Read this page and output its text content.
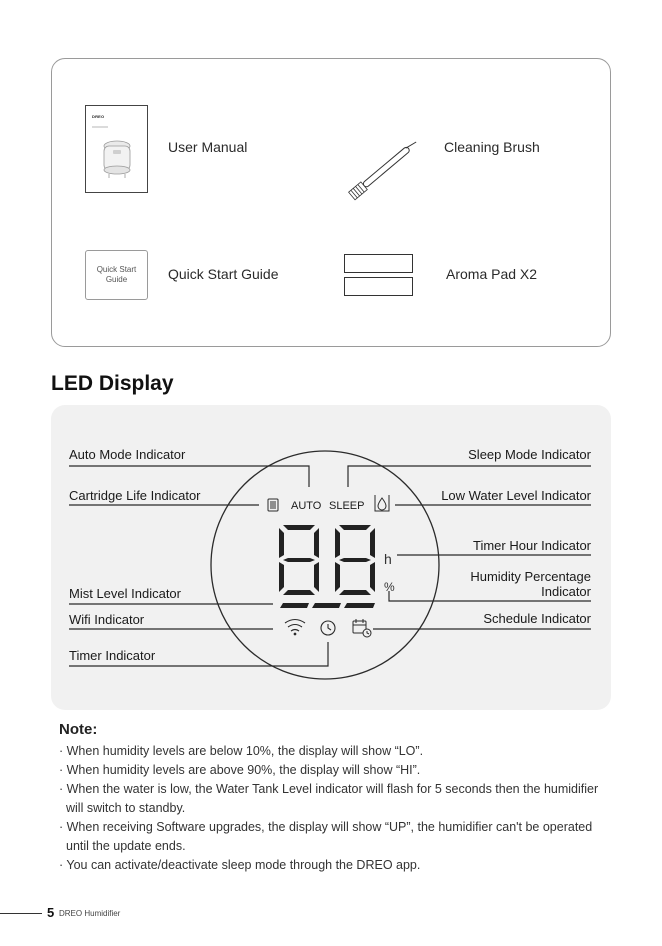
DREO
User Manual	Cleaning Brush
Quick Start
Guide	Quick Start Guide	Aroma Pad X2
LED Display
AUTO SLEEP
h
%
Auto Mode Indicator
Cartridge Life Indicator
Mist Level Indicator
Wifi Indicator
Timer Indicator
Sleep Mode Indicator
Low Water Level Indicator
Timer Hour Indicator
Humidity Percentage
Indicator
Schedule Indicator
Note:
· When humidity levels are below 10%, the display will show “LO”.
· When humidity levels are above 90%, the display will show “HI”.
· When the water is low, the Water Tank Level indicator will flash for 5 seconds then the humidifier will switch to standby.
· When receiving Software upgrades, the display will show “UP”, the humidifier can't be operated until the update ends.
· You can activate/deactivate sleep mode through the DREO app.
5 DREO Humidifier
